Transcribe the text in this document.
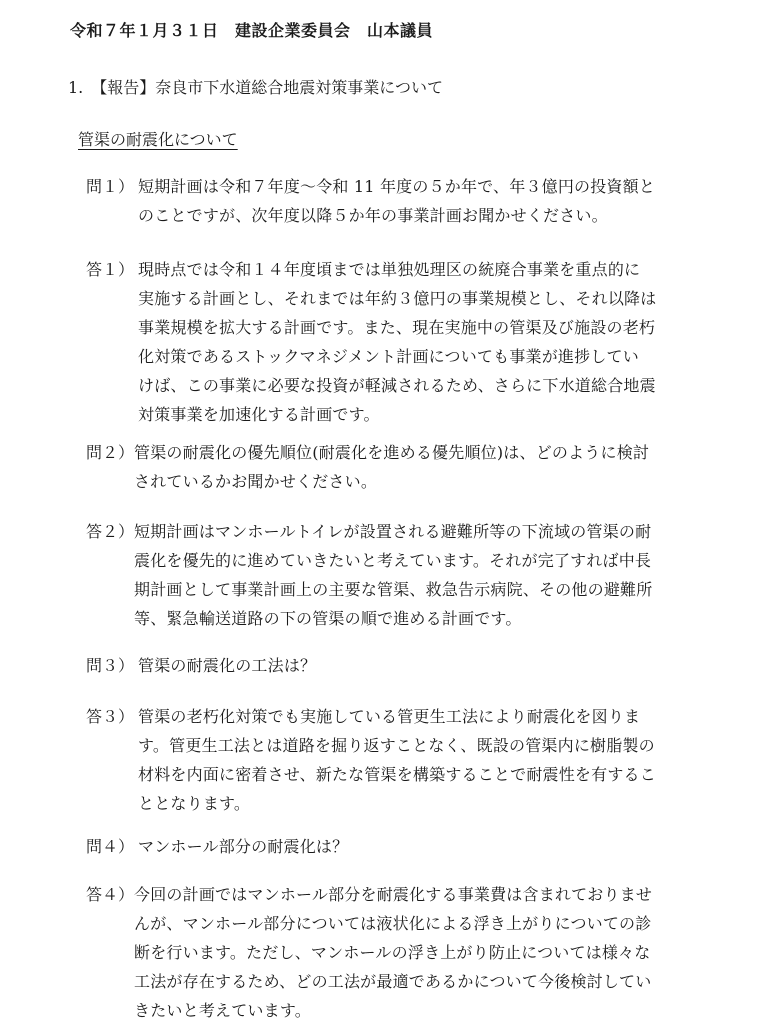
令和７年１月３１日　建設企業委員会　山本議員
1.　【報告】奈良市下水道総合地震対策事業について
管渠の耐震化について
問１） 短期計画は令和７年度～令和 11 年度の５か年で、年３億円の投資額と
のことですが、次年度以降５か年の事業計画お聞かせください。
答１） 現時点では令和１４年度頃までは単独処理区の統廃合事業を重点的に
実施する計画とし、それまでは年約３億円の事業規模とし、それ以降は
事業規模を拡大する計画です。また、現在実施中の管渠及び施設の老朽
化対策であるストックマネジメント計画についても事業が進捗してい
けば、この事業に必要な投資が軽減されるため、さらに下水道総合地震
対策事業を加速化する計画です。
問２） 管渠の耐震化の優先順位(耐震化を進める優先順位)は、どのように検討
されているかお聞かせください。
答２） 短期計画はマンホールトイレが設置される避難所等の下流域の管渠の耐
震化を優先的に進めていきたいと考えています。それが完了すれば中長
期計画として事業計画上の主要な管渠、救急告示病院、その他の避難所
等、緊急輸送道路の下の管渠の順で進める計画です。
問３） 管渠の耐震化の工法は？
答３） 管渠の老朽化対策でも実施している管更生工法により耐震化を図りま
す。管更生工法とは道路を掘り返すことなく、既設の管渠内に樹脂製の
材料を内面に密着させ、新たな管渠を構築することで耐震性を有するこ
ととなります。
問４） マンホール部分の耐震化は？
答４） 今回の計画ではマンホール部分を耐震化する事業費は含まれておりませ
んが、マンホール部分については液状化による浮き上がりについての診
断を行います。ただし、マンホールの浮き上がり防止については様々な
工法が存在するため、どの工法が最適であるかについて今後検討してい
きたいと考えています。
